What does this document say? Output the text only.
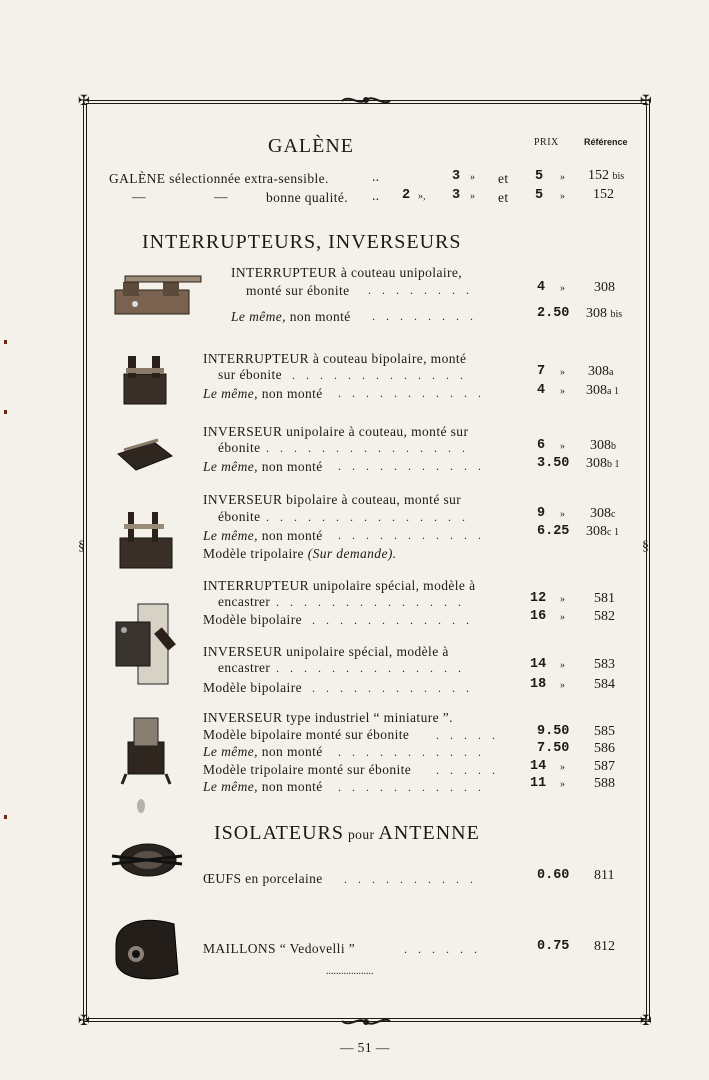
✠	✠
✠	✠
§	§
PRIX	Référence
GALÈNE
GALÈNE sélectionnée extra-sensible.	..	3 » et 5 » 152 bis
—	—	bonne qualité. .. 2 », 3 » et 5 » 152
INTERRUPTEURS, INVERSEURS
INTERRUPTEUR à couteau unipolaire,
monté sur ébonite . . . . . . . .	4 » 308
Le même, non monté . . . . . . . .	2.50 308 bis
INTERRUPTEUR à couteau bipolaire, monté
sur ébonite . . . . . . . . . . . . .	7 » 308a
Le même, non monté . . . . . . . . . . .	4 » 308a 1
INVERSEUR unipolaire à couteau, monté sur
ébonite . . . . . . . . . . . . . . .	6 » 308b
Le même, non monté . . . . . . . . . . .	3.50 308b 1
INVERSEUR bipolaire à couteau, monté sur
ébonite . . . . . . . . . . . . . . .	9 » 308c
Le même, non monté . . . . . . . . . . .	6.25 308c 1
Modèle tripolaire (Sur demande).
INTERRUPTEUR unipolaire spécial, modèle à
encastrer . . . . . . . . . . . . . .	12 » 581
Modèle bipolaire . . . . . . . . . . . .	16 » 582
INVERSEUR unipolaire spécial, modèle à
encastrer . . . . . . . . . . . . . .	14 » 583
Modèle bipolaire . . . . . . . . . . . .	18 » 584
INVERSEUR type industriel “ miniature ”.
Modèle bipolaire monté sur ébonite . . . . .	9.50 585
Le même, non monté . . . . . . . . . . .	7.50 586
Modèle tripolaire monté sur ébonite . . . . . 14 » 587
Le même, non monté . . . . . . . . . . .	11 » 588
ISOLATEURS pour ANTENNE
ŒUFS en porcelaine . . . . . . . . . .	0.60 811
MAILLONS “ Vedovelli ”	. . . . . .	0.75 812
...................
— 51 —
